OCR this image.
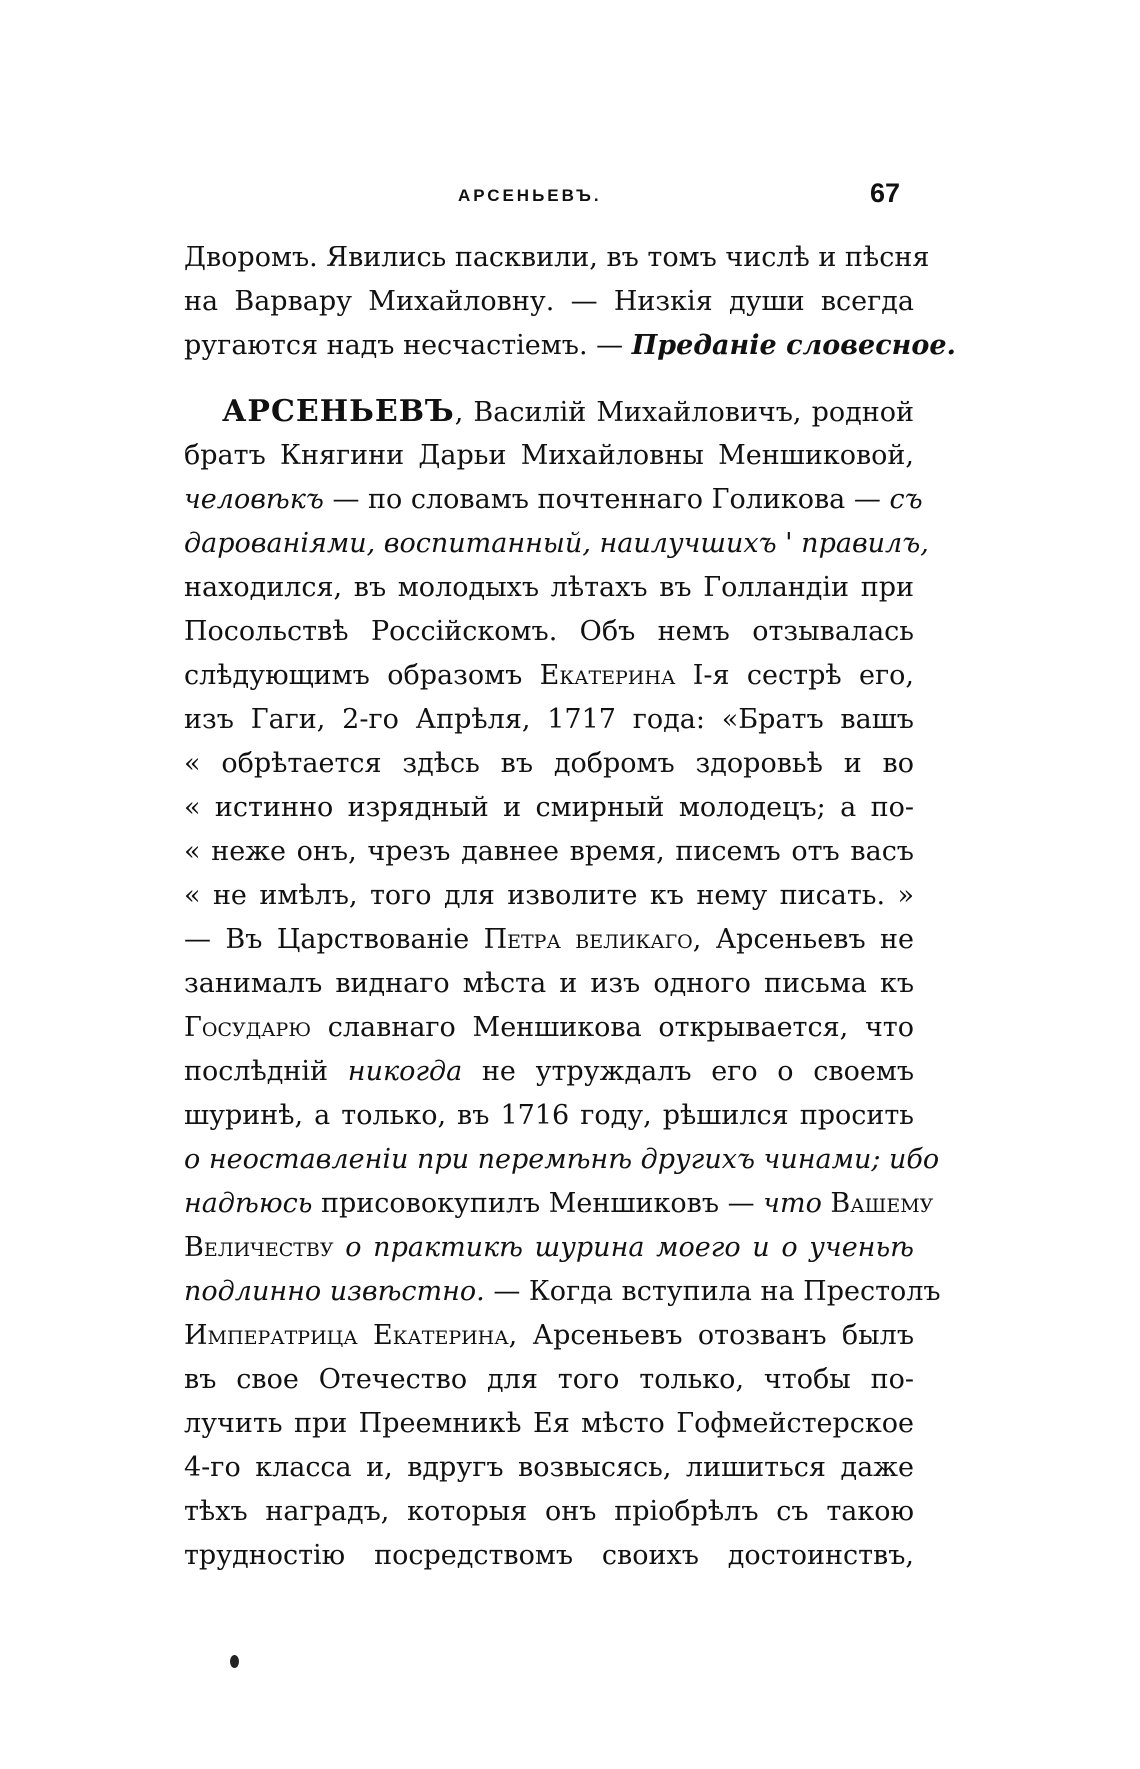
АРСЕНЬЕВЪ.	67
Дворомъ. Явились пасквили, въ томъ числѣ и пѣсня
на Варвару Михайловну. — Низкія души всегда
ругаются надъ несчастіемъ. — Преданіе словесное.
АРСЕНЬЕВЪ, Василій Михайловичъ, родной
братъ Княгини Дарьи Михайловны Меншиковой,
человѣкъ — по словамъ почтеннаго Голикова — съ
дарованіями, воспитанный, наилучшихъ ' правилъ,
находился, въ молодыхъ лѣтахъ въ Голландіи при
Посольствѣ Россійскомъ. Объ немъ отзывалась
слѣдующимъ образомъ Екатерина I-я сестрѣ его,
изъ Гаги, 2-го Апрѣля, 1717 года: «Братъ вашъ
« обрѣтается здѣсь въ добромъ здоровьѣ и во
« истинно изрядный и смирный молодецъ; а по-
« неже онъ, чрезъ давнее время, писемъ отъ васъ
« не имѣлъ, того для изволите къ нему писать. »
— Въ Царствованіе Петра великаго, Арсеньевъ не
занималъ виднаго мѣста и изъ одного письма къ
Государю славнаго Меншикова открывается, что
послѣдній никогда не утруждалъ его о своемъ
шуринѣ, а только, въ 1716 году, рѣшился просить
о неоставленіи при перемѣнѣ другихъ чинами; ибо
надѣюсь присовокупилъ Меншиковъ — что Вашему
Величеству о практикѣ шурина моего и о ученьѣ
подлинно извѣстно. — Когда вступила на Престолъ
Императрица Екатерина, Арсеньевъ отозванъ былъ
въ свое Отечество для того только, чтобы по-
лучить при Преемникѣ Ея мѣсто Гофмейстерское
4-го класса и, вдругъ возвысясь, лишиться даже
тѣхъ наградъ, которыя онъ пріобрѣлъ съ такою
трудностію посредствомъ своихъ достоинствъ,
